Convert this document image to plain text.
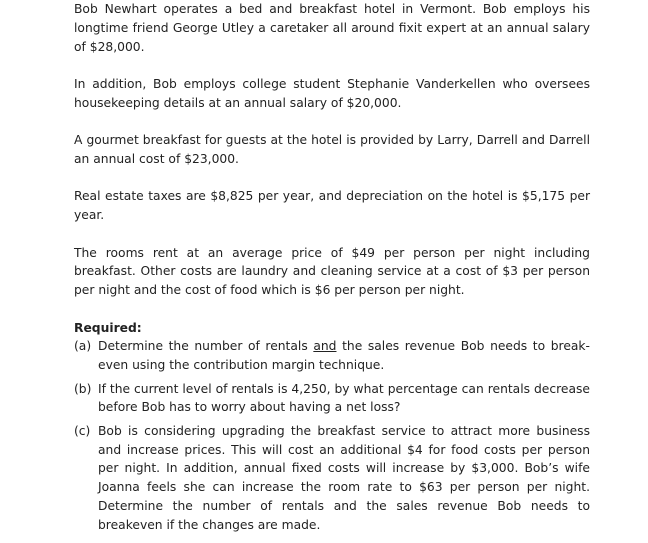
Bob Newhart operates a bed and breakfast hotel in Vermont. Bob employs his longtime friend George Utley a caretaker all around fixit expert at an annual salary of $28,000.

In addition, Bob employs college student Stephanie Vanderkellen who oversees housekeeping details at an annual salary of $20,000.

A gourmet breakfast for guests at the hotel is provided by Larry, Darrell and Darrell an annual cost of $23,000.

Real estate taxes are $8,825 per year, and depreciation on the hotel is $5,175 per year.

The rooms rent at an average price of $49 per person per night including breakfast. Other costs are laundry and cleaning service at a cost of $3 per person per night and the cost of food which is $6 per person per night.

Required:

(a) Determine the number of rentals and the sales revenue Bob needs to break-even using the contribution margin technique.
(b) If the current level of rentals is 4,250, by what percentage can rentals decrease before Bob has to worry about having a net loss?
(c) Bob is considering upgrading the breakfast service to attract more business and increase prices. This will cost an additional $4 for food costs per person per night. In addition, annual fixed costs will increase by $3,000. Bob’s wife Joanna feels she can increase the room rate to $63 per person per night. Determine the number of rentals and the sales revenue Bob needs to breakeven if the changes are made.
